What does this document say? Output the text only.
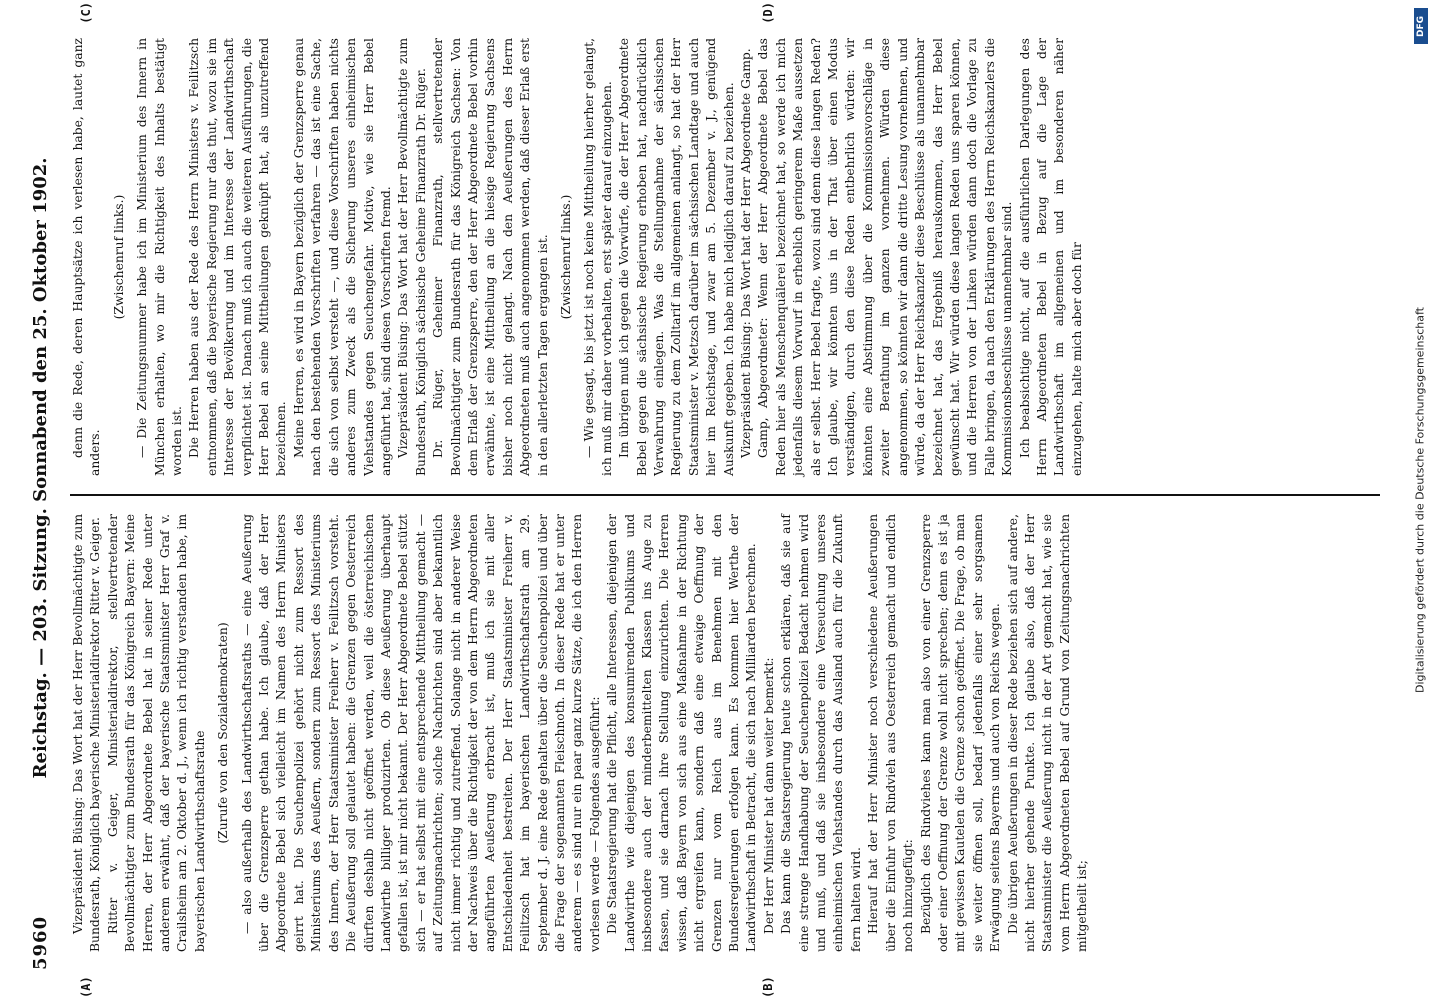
5960
Reichstag. — 203. Sitzung. Sonnabend den 25. Oktober 1902.
(A)	(B)

Vizepräsident Büsing: Das Wort hat der Herr Bevollmächtigte zum Bundesrath, Königlich bayerische Ministerialdirektor Ritter v. Geiger. Ritter v. Geiger, Ministerialdirektor, stellvertretender Bevollmächtigter zum Bundesrath für das Königreich Bayern: Meine Herren, der Herr Abgeordnete Bebel hat in seiner Rede unter anderem erwähnt, daß der bayerische Staatsminister Herr Graf v. Crailsheim am 2. Oktober d. J., wenn ich richtig verstanden habe, im bayerischen Landwirthschaftsrathe (Zurufe von den Sozialdemokraten) — also außerhalb des Landwirthschaftsraths — eine Aeußerung über die Grenzsperre gethan habe. Ich glaube, daß der Herr Abgeordnete Bebel sich vielleicht im Namen des Herrn Ministers geirrt hat. Die Seuchenpolizei gehört nicht zum Ressort des Ministeriums des Aeußern, sondern zum Ressort des Ministeriums des Innern, der Herr Staatsminister Freiherr v. Feilitzsch vorsteht. Die Aeußerung soll gelautet haben: die Grenzen gegen Oesterreich dürften deshalb nicht geöffnet werden, weil die österreichischen Landwirthe billiger produzirten. Ob diese Aeußerung überhaupt gefallen ist, ist mir nicht bekannt. Der Herr Abgeordnete Bebel stützt sich — er hat selbst mit eine entsprechende Mittheilung gemacht — auf Zeitungsnachrichten; solche Nachrichten sind aber bekanntlich nicht immer richtig und zutreffend. Solange nicht in anderer Weise der Nachweis über die Richtigkeit der von dem Herrn Abgeordneten angeführten Aeußerung erbracht ist, muß ich sie mit aller Entschiedenheit bestreiten. Der Herr Staatsminister Freiherr v. Feilitzsch hat im bayerischen Landwirthschaftsrath am 29. September d. J. eine Rede gehalten über die Seuchenpolizei und über die Frage der sogenannten Fleischnoth. In dieser Rede hat er unter anderem — es sind nur ein paar ganz kurze Sätze, die ich den Herren vorlesen werde — Folgendes ausgeführt: Die Staatsregierung hat die Pflicht, alle Interessen, diejenigen der Landwirthe wie diejenigen des konsumirenden Publikums und insbesondere auch der minderbemittelten Klassen ins Auge zu fassen, und sie darnach ihre Stellung einzurichten. Die Herren wissen, daß Bayern von sich aus eine Maßnahme in der Richtung nicht ergreifen kann, sondern daß eine etwaige Oeffnung der Grenzen nur vom Reich aus im Benehmen mit den Bundesregierungen erfolgen kann. Es kommen hier Werthe der Landwirthschaft in Betracht, die sich nach Milliarden berechnen. Der Herr Minister hat dann weiter bemerkt: Das kann die Staatsregierung heute schon erklären, daß sie auf eine strenge Handhabung der Seuchenpolizei Bedacht nehmen wird und muß, und daß sie insbesondere eine Verseuchung unseres einheimischen Viehstandes durch das Ausland auch für die Zukunft fern halten wird. Hierauf hat der Herr Minister noch verschiedene Aeußerungen über die Einfuhr von Rindvieh aus Oesterreich gemacht und endlich noch hinzugefügt: Bezüglich des Rindviehes kann man also von einer Grenzsperre oder einer Oeffnung der Grenze wohl nicht sprechen; denn es ist ja mit gewissen Kautelen die Grenze schon geöffnet. Die Frage, ob man sie weiter öffnen soll, bedarf jedenfalls einer sehr sorgsamen Erwägung seitens Bayerns und auch von Reichs wegen. Die übrigen Aeußerungen in dieser Rede beziehen sich auf andere, nicht hierher gehende Punkte. Ich glaube also, daß der Herr Staatsminister die Aeußerung nicht in der Art gemacht hat, wie sie vom Herrn Abgeordneten Bebel auf Grund von Zeitungsnachrichten mitgetheilt ist;

(C)	(D)

denn die Rede, deren Hauptsätze ich verlesen habe, lautet ganz anders.

(Zwischenruf links.) — Die Zeitungsnummer habe ich im Ministerium des Innern in München erhalten, wo mir die Richtigkeit des Inhalts bestätigt worden ist. Die Herren haben aus der Rede des Herrn Ministers v. Feilitzsch entnommen, daß die bayerische Regierung nur das thut, wozu sie im Interesse der Bevölkerung und im Interesse der Landwirthschaft verpflichtet ist. Danach muß ich auch die weiteren Ausführungen, die Herr Bebel an seine Mittheilungen geknüpft hat, als unzutreffend bezeichnen. Meine Herren, es wird in Bayern bezüglich der Grenzsperre genau nach den bestehenden Vorschriften verfahren — das ist eine Sache, die sich von selbst versteht —, und diese Vorschriften haben nichts anderes zum Zweck als die Sicherung unseres einheimischen Viehstandes gegen Seuchengefahr. Motive, wie sie Herr Bebel angeführt hat, sind diesen Vorschriften fremd. Vizepräsident Büsing: Das Wort hat der Herr Bevollmächtigte zum Bundesrath, Königlich sächsische Geheime Finanzrath Dr. Rüger. Dr. Rüger, Geheimer Finanzrath, stellvertretender Bevollmächtigter zum Bundesrath für das Königreich Sachsen: Von dem Erlaß der Grenzsperre, den der Herr Abgeordnete Bebel vorhin erwähnte, ist eine Mittheilung an die hiesige Regierung Sachsens bisher noch nicht gelangt. Nach den Aeußerungen des Herrn Abgeordneten muß auch angenommen werden, daß dieser Erlaß erst in den allerletzten Tagen ergangen ist. (Zwischenruf links.) — Wie gesagt, bis jetzt ist noch keine Mittheilung hierher gelangt, ich muß mir daher vorbehalten, erst später darauf einzugehen. Im übrigen muß ich gegen die Vorwürfe, die der Herr Abgeordnete Bebel gegen die sächsische Regierung erhoben hat, nachdrücklich Verwahrung einlegen. Was die Stellungnahme der sächsischen Regierung zu dem Zolltarif im allgemeinen anlangt, so hat der Herr Staatsminister v. Metzsch darüber im sächsischen Landtage und auch hier im Reichstage, und zwar am 5. Dezember v. J., genügend Auskunft gegeben. Ich habe mich lediglich darauf zu beziehen. Vizepräsident Büsing: Das Wort hat der Herr Abgeordnete Gamp. Gamp, Abgeordneter: Wenn der Herr Abgeordnete Bebel das Reden hier als Menschenquälerei bezeichnet hat, so werde ich mich jedenfalls diesem Vorwurf in erheblich geringerem Maße aussetzen als er selbst. Herr Bebel fragte, wozu sind denn diese langen Reden? Ich glaube, wir könnten uns in der That über einen Modus verständigen, durch den diese Reden entbehrlich würden: wir könnten eine Abstimmung über die Kommissionsvorschläge in zweiter Berathung im ganzen vornehmen. Würden diese angenommen, so könnten wir dann die dritte Lesung vornehmen, und würde, da der Herr Reichskanzler diese Beschlüsse als unannehmbar bezeichnet hat, das Ergebniß herauskommen, das Herr Bebel gewünscht hat. Wir würden diese langen Reden uns sparen können, und die Herren von der Linken würden dann doch die Vorlage zu Falle bringen, da nach den Erklärungen des Herrn Reichskanzlers die Kommissionsbeschlüsse unannehmbar sind. Ich beabsichtige nicht, auf die ausführlichen Darlegungen des Herrn Abgeordneten Bebel in Bezug auf die Lage der Landwirthschaft im allgemeinen und im besonderen näher einzugehen, halte mich aber doch für	Digitalisierung gefördert durch die Deutsche Forschungsgemeinschaft
DFG
